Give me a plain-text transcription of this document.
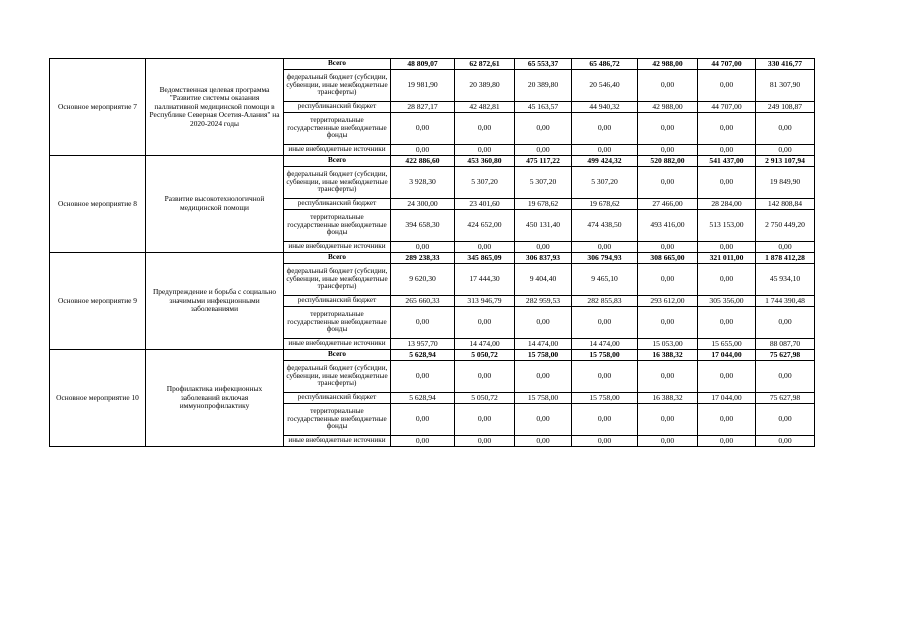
Основное мероприятие 7	Ведомственная целевая программа "Развитие системы оказания паллиативной медицинской помощи в Республике Северная Осетия-Алания" на 2020-2024 годы	Всего	48 809,07	62 872,61	65 553,37	65 486,72	42 988,00	44 707,00	330 416,77
		федеральный бюджет (субсидии, субвенции, иные межбюджетные трансферты)	19 981,90	20 389,80	20 389,80	20 546,40	0,00	0,00	81 307,90
		республиканский бюджет	28 827,17	42 482,81	45 163,57	44 940,32	42 988,00	44 707,00	249 108,87
		территориальные государственные внебюджетные фонды	0,00	0,00	0,00	0,00	0,00	0,00	0,00
		иные внебюджетные источники	0,00	0,00	0,00	0,00	0,00	0,00	0,00
Основное мероприятие 8	Развитие высокотехнологичной медицинской помощи	Всего	422 886,60	453 360,80	475 117,22	499 424,32	520 882,00	541 437,00	2 913 107,94
		федеральный бюджет (субсидии, субвенции, иные межбюджетные трансферты)	3 928,30	5 307,20	5 307,20	5 307,20	0,00	0,00	19 849,90
		республиканский бюджет	24 300,00	23 401,60	19 678,62	19 678,62	27 466,00	28 284,00	142 808,84
		территориальные государственные внебюджетные фонды	394 658,30	424 652,00	450 131,40	474 438,50	493 416,00	513 153,00	2 750 449,20
		иные внебюджетные источники	0,00	0,00	0,00	0,00	0,00	0,00	0,00
Основное мероприятие 9	Предупреждение и борьба с социально значимыми инфекционными заболеваниями	Всего	289 238,33	345 865,09	306 837,93	306 794,93	308 665,00	321 011,00	1 878 412,28
		федеральный бюджет (субсидии, субвенции, иные межбюджетные трансферты)	9 620,30	17 444,30	9 404,40	9 465,10	0,00	0,00	45 934,10
		республиканский бюджет	265 660,33	313 946,79	282 959,53	282 855,83	293 612,00	305 356,00	1 744 390,48
		территориальные государственные внебюджетные фонды	0,00	0,00	0,00	0,00	0,00	0,00	0,00
		иные внебюджетные источники	13 957,70	14 474,00	14 474,00	14 474,00	15 053,00	15 655,00	88 087,70
Основное мероприятие 10	Профилактика инфекционных заболеваний включая иммунопрофилактику	Всего	5 628,94	5 050,72	15 758,00	15 758,00	16 388,32	17 044,00	75 627,98
		федеральный бюджет (субсидии, субвенции, иные межбюджетные трансферты)	0,00	0,00	0,00	0,00	0,00	0,00	0,00
		республиканский бюджет	5 628,94	5 050,72	15 758,00	15 758,00	16 388,32	17 044,00	75 627,98
		территориальные государственные внебюджетные фонды	0,00	0,00	0,00	0,00	0,00	0,00	0,00
		иные внебюджетные источники	0,00	0,00	0,00	0,00	0,00	0,00	0,00
